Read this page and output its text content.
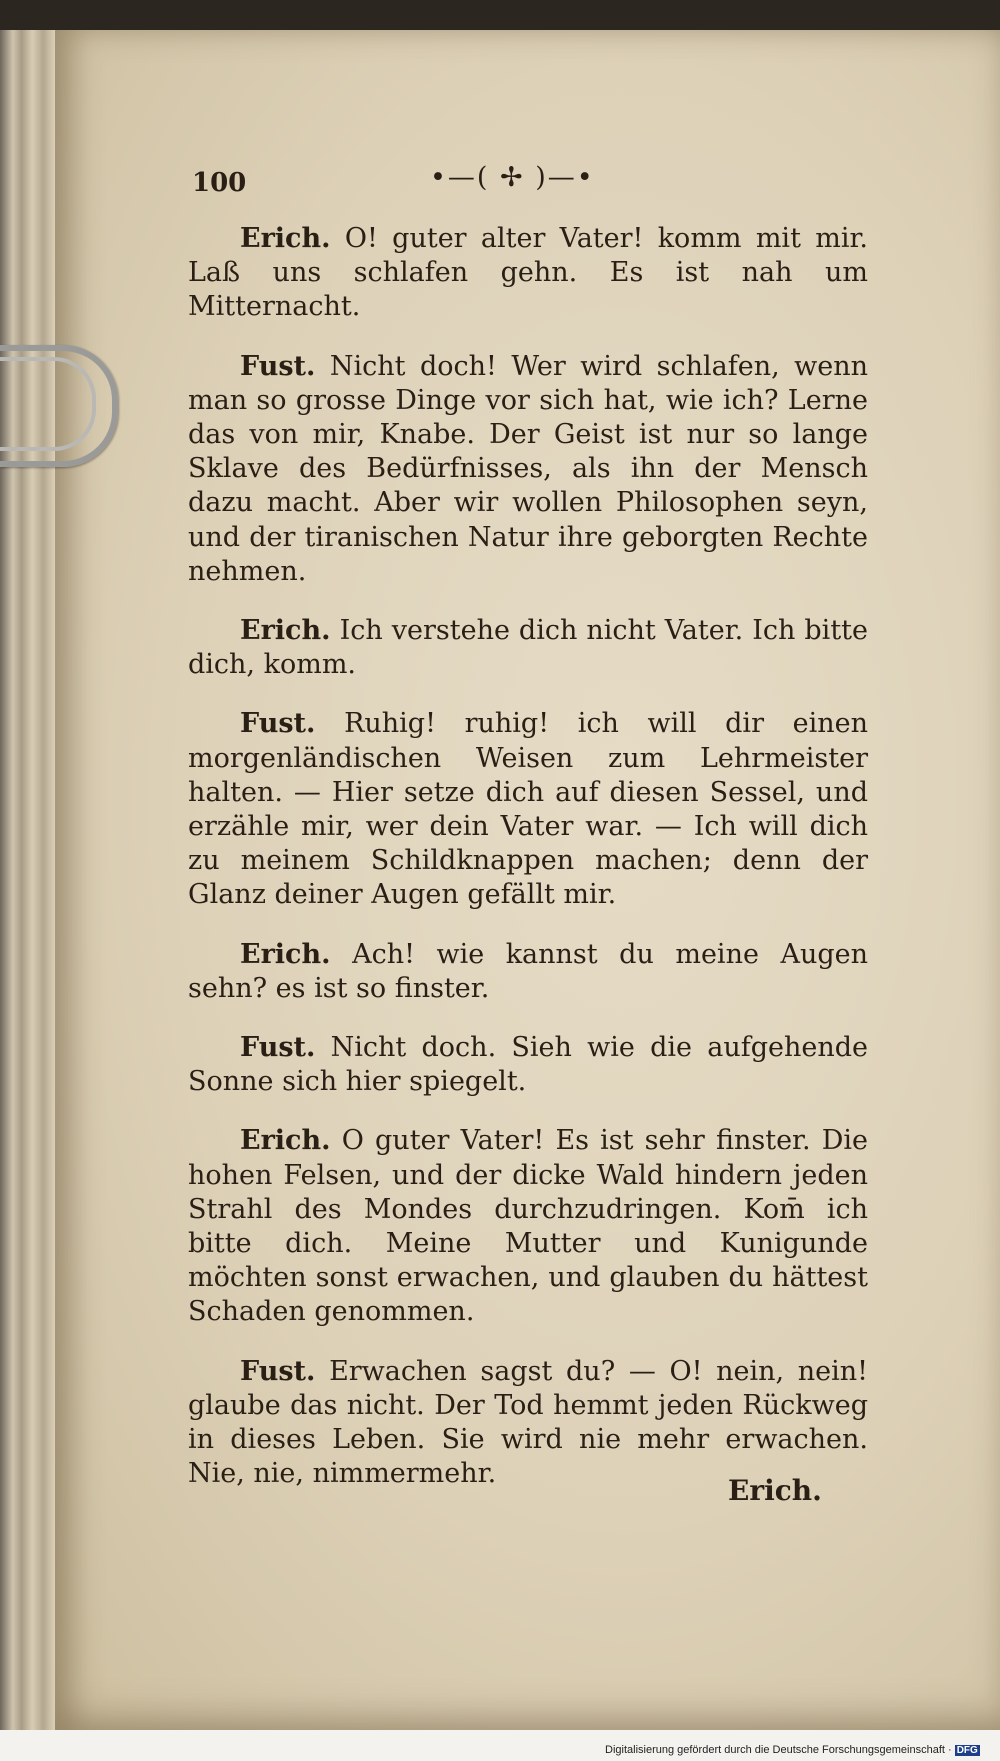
100	•—( ✢ )—•

Erich. O! guter alter Vater! komm mit mir. Laß uns schlafen gehn. Es ist nah um Mitternacht.

Fust. Nicht doch! Wer wird schlafen, wenn man so grosse Dinge vor sich hat, wie ich? Lerne das von mir, Knabe. Der Geist ist nur so lange Sklave des Bedürfnisses, als ihn der Mensch dazu macht. Aber wir wollen Philosophen seyn, und der tiranischen Natur ihre geborgten Rechte nehmen.

Erich. Ich verstehe dich nicht Vater. Ich bitte dich, komm.

Fust. Ruhig! ruhig! ich will dir einen morgenländischen Weisen zum Lehrmeister halten. — Hier setze dich auf diesen Sessel, und erzähle mir, wer dein Vater war. — Ich will dich zu meinem Schildknappen machen; denn der Glanz deiner Augen gefällt mir.

Erich. Ach! wie kannst du meine Augen sehn? es ist so finster.

Fust. Nicht doch. Sieh wie die aufgehende Sonne sich hier spiegelt.

Erich. O guter Vater! Es ist sehr finster. Die hohen Felsen, und der dicke Wald hindern jeden Strahl des Mondes durchzudringen. Kom̄ ich bitte dich. Meine Mutter und Kunigunde möchten sonst erwachen, und glauben du hättest Schaden genommen.

Fust. Erwachen sagst du? — O! nein, nein! glaube das nicht. Der Tod hemmt jeden Rückweg in dieses Leben. Sie wird nie mehr erwachen. Nie, nie, nimmermehr.

Erich.
Digitalisierung gefördert durch die Deutsche Forschungsgemeinschaft · DFG
